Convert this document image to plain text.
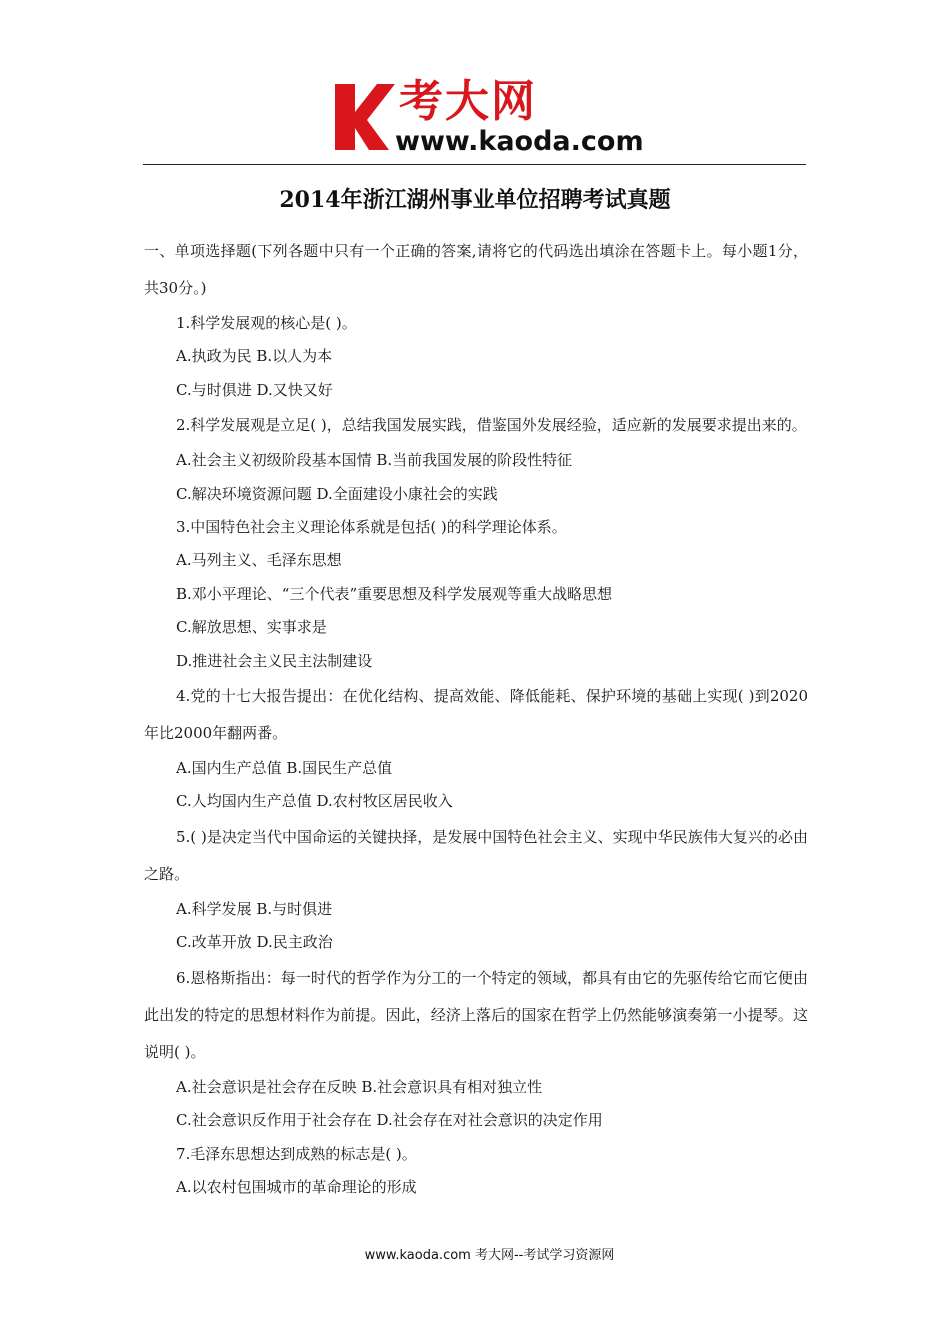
考大网
www.kaoda.com
2014年浙江湖州事业单位招聘考试真题

一、单项选择题(下列各题中只有一个正确的答案,请将它的代码选出填涂在答题卡上。每小题1分，共30分。)

1.科学发展观的核心是( )。

A.执政为民 B.以人为本

C.与时俱进 D.又快又好

2.科学发展观是立足( )，总结我国发展实践，借鉴国外发展经验，适应新的发展要求提出来的。

A.社会主义初级阶段基本国情 B.当前我国发展的阶段性特征

C.解决环境资源问题 D.全面建设小康社会的实践

3.中国特色社会主义理论体系就是包括( )的科学理论体系。

A.马列主义、毛泽东思想

B.邓小平理论、“三个代表”重要思想及科学发展观等重大战略思想

C.解放思想、实事求是

D.推进社会主义民主法制建设

4.党的十七大报告提出：在优化结构、提高效能、降低能耗、保护环境的基础上实现( )到2020年比2000年翻两番。

A.国内生产总值 B.国民生产总值

C.人均国内生产总值 D.农村牧区居民收入

5.( )是决定当代中国命运的关键抉择，是发展中国特色社会主义、实现中华民族伟大复兴的必由之路。

A.科学发展 B.与时俱进

C.改革开放 D.民主政治

6.恩格斯指出：每一时代的哲学作为分工的一个特定的领域，都具有由它的先驱传给它而它便由此出发的特定的思想材料作为前提。因此，经济上落后的国家在哲学上仍然能够演奏第一小提琴。这说明( )。

A.社会意识是社会存在反映 B.社会意识具有相对独立性

C.社会意识反作用于社会存在 D.社会存在对社会意识的决定作用

7.毛泽东思想达到成熟的标志是( )。

A.以农村包围城市的革命理论的形成

www.kaoda.com 考大网--考试学习资源网
